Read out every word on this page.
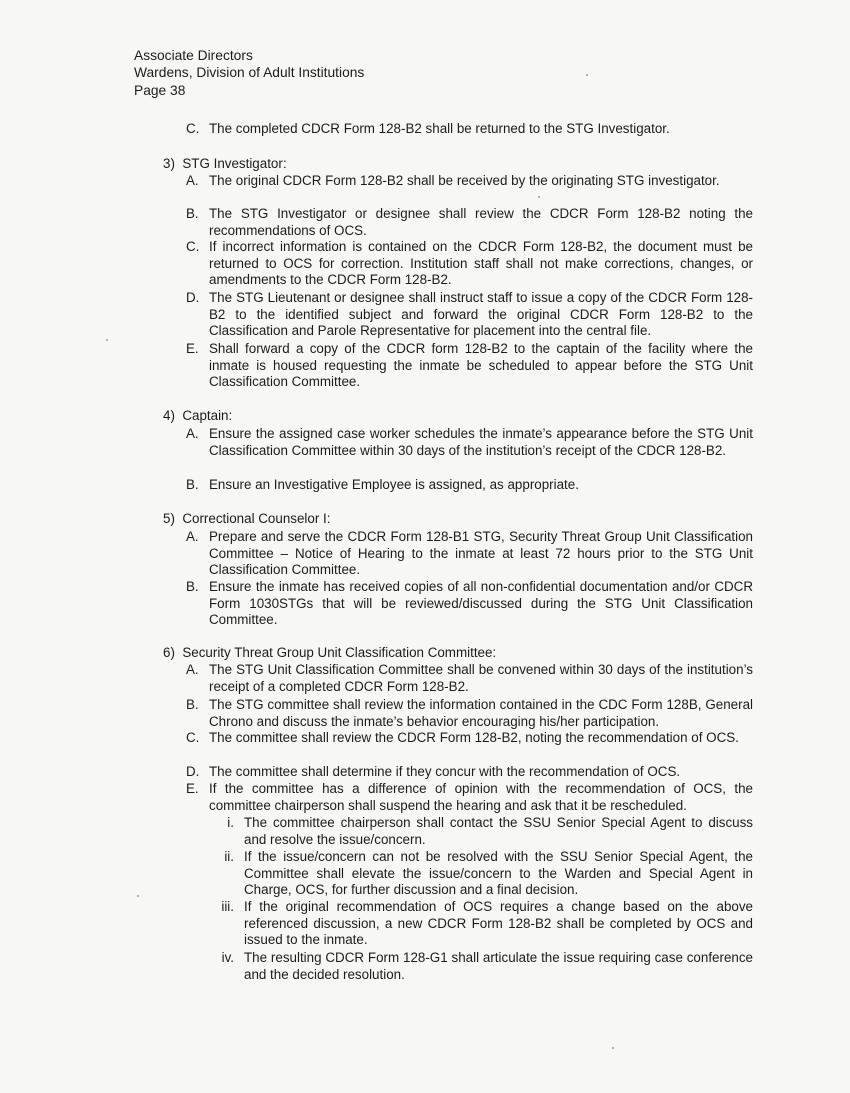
Associate Directors
Wardens, Division of Adult Institutions
Page 38
C. The completed CDCR Form 128-B2 shall be returned to the STG Investigator.
3)  STG Investigator:
A. The original CDCR Form 128-B2 shall be received by the originating STG investigator.
B. The STG Investigator or designee shall review the CDCR Form 128-B2 noting the recommendations of OCS.
C. If incorrect information is contained on the CDCR Form 128-B2, the document must be returned to OCS for correction. Institution staff shall not make corrections, changes, or amendments to the CDCR Form 128-B2.
D. The STG Lieutenant or designee shall instruct staff to issue a copy of the CDCR Form 128-B2 to the identified subject and forward the original CDCR Form 128-B2 to the Classification and Parole Representative for placement into the central file.
E. Shall forward a copy of the CDCR form 128-B2 to the captain of the facility where the inmate is housed requesting the inmate be scheduled to appear before the STG Unit Classification Committee.
4)  Captain:
A. Ensure the assigned case worker schedules the inmate’s appearance before the STG Unit Classification Committee within 30 days of the institution’s receipt of the CDCR 128-B2.
B. Ensure an Investigative Employee is assigned, as appropriate.
5)  Correctional Counselor I:
A. Prepare and serve the CDCR Form 128-B1 STG, Security Threat Group Unit Classification Committee – Notice of Hearing to the inmate at least 72 hours prior to the STG Unit Classification Committee.
B. Ensure the inmate has received copies of all non-confidential documentation and/or CDCR Form 1030STGs that will be reviewed/discussed during the STG Unit Classification Committee.
6)  Security Threat Group Unit Classification Committee:
A. The STG Unit Classification Committee shall be convened within 30 days of the institution’s receipt of a completed CDCR Form 128-B2.
B. The STG committee shall review the information contained in the CDC Form 128B, General Chrono and discuss the inmate’s behavior encouraging his/her participation.
C. The committee shall review the CDCR Form 128-B2, noting the recommendation of OCS.
D. The committee shall determine if they concur with the recommendation of OCS.
E. If the committee has a difference of opinion with the recommendation of OCS, the committee chairperson shall suspend the hearing and ask that it be rescheduled.
i. The committee chairperson shall contact the SSU Senior Special Agent to discuss and resolve the issue/concern.
ii. If the issue/concern can not be resolved with the SSU Senior Special Agent, the Committee shall elevate the issue/concern to the Warden and Special Agent in Charge, OCS, for further discussion and a final decision.
iii. If the original recommendation of OCS requires a change based on the above referenced discussion, a new CDCR Form 128-B2 shall be completed by OCS and issued to the inmate.
iv. The resulting CDCR Form 128-G1 shall articulate the issue requiring case conference and the decided resolution.
